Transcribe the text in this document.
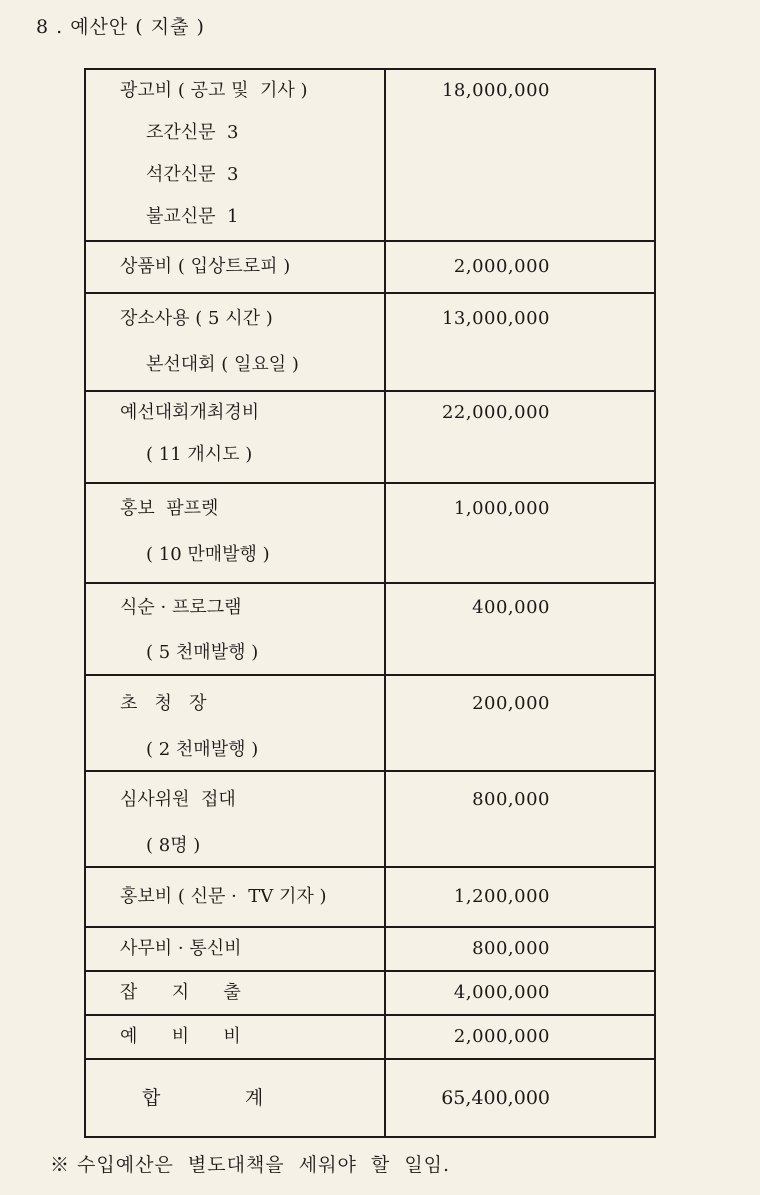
8 . 예산안 ( 지출 )
광고비 ( 공고 및  기사 )
조간신문  3
석간신문  3
불교신문  1	18,000,000

상품비 ( 입상트로피 )	2,000,000

장소사용 ( 5 시간 )
본선대회 ( 일요일 )	13,000,000

예선대회개최경비
( 11 개시도 )	22,000,000

홍보  팜프렛
( 10 만매발행 )	1,000,000

식순 · 프로그램
( 5 천매발행 )	400,000

초   청   장
( 2 천매발행 )	200,000

심사위원  접대
( 8명 )	800,000

홍보비 ( 신문 ·  TV 기자 )	1,200,000

사무비 · 통신비	800,000

잡      지      출	4,000,000

예      비      비	2,000,000

합              계	65,400,000
※ 수입예산은  별도대책을  세워야  할  일임.
